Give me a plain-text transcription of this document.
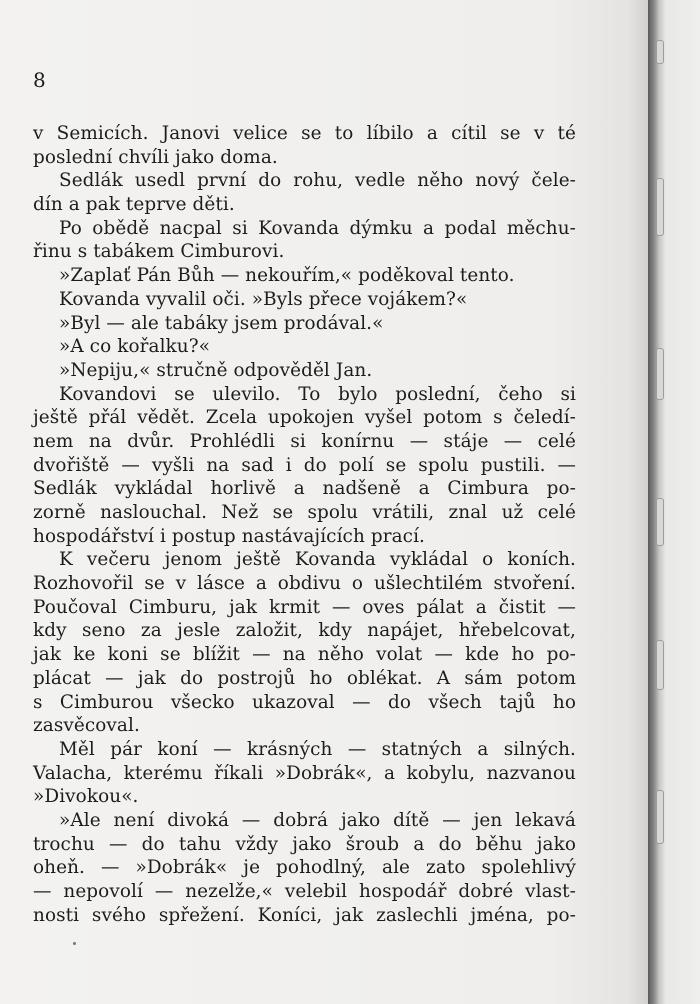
8
v Semicích. Janovi velice se to líbilo a cítil se v té
poslední chvíli jako doma.
Sedlák usedl první do rohu, vedle něho nový čele-
dín a pak teprve děti.
Po obědě nacpal si Kovanda dýmku a podal měchu-
řinu s tabákem Cimburovi.
»Zaplať Pán Bůh — nekouřím,« poděkoval tento.
Kovanda vyvalil oči. »Byls přece vojákem?«
»Byl — ale tabáky jsem prodával.«
»A co kořalku?«
»Nepiju,« stručně odpověděl Jan.
Kovandovi se ulevilo. To bylo poslední, čeho si
ještě přál vědět. Zcela upokojen vyšel potom s čeledí-
nem na dvůr. Prohlédli si konírnu — stáje — celé
dvořiště — vyšli na sad i do polí se spolu pustili. —
Sedlák vykládal horlivě a nadšeně a Cimbura po-
zorně naslouchal. Než se spolu vrátili, znal už celé
hospodářství i postup nastávajících prací.
K večeru jenom ještě Kovanda vykládal o koních.
Rozhovořil se v lásce a obdivu o ušlechtilém stvoření.
Poučoval Cimburu, jak krmit — oves pálat a čistit —
kdy seno za jesle založit, kdy napájet, hřebelcovat,
jak ke koni se blížit — na něho volat — kde ho po-
plácat — jak do postrojů ho oblékat. A sám potom
s Cimburou všecko ukazoval — do všech tajů ho
zasvěcoval.
Měl pár koní — krásných — statných a silných.
Valacha, kterému říkali »Dobrák«, a kobylu, nazvanou
»Divokou«.
»Ale není divoká — dobrá jako dítě — jen lekavá
trochu — do tahu vždy jako šroub a do běhu jako
oheň. — »Dobrák« je pohodlný, ale zato spolehlivý
— nepovolí — nezelže,« velebil hospodář dobré vlast-
nosti svého spřežení. Koníci, jak zaslechli jména, po-
